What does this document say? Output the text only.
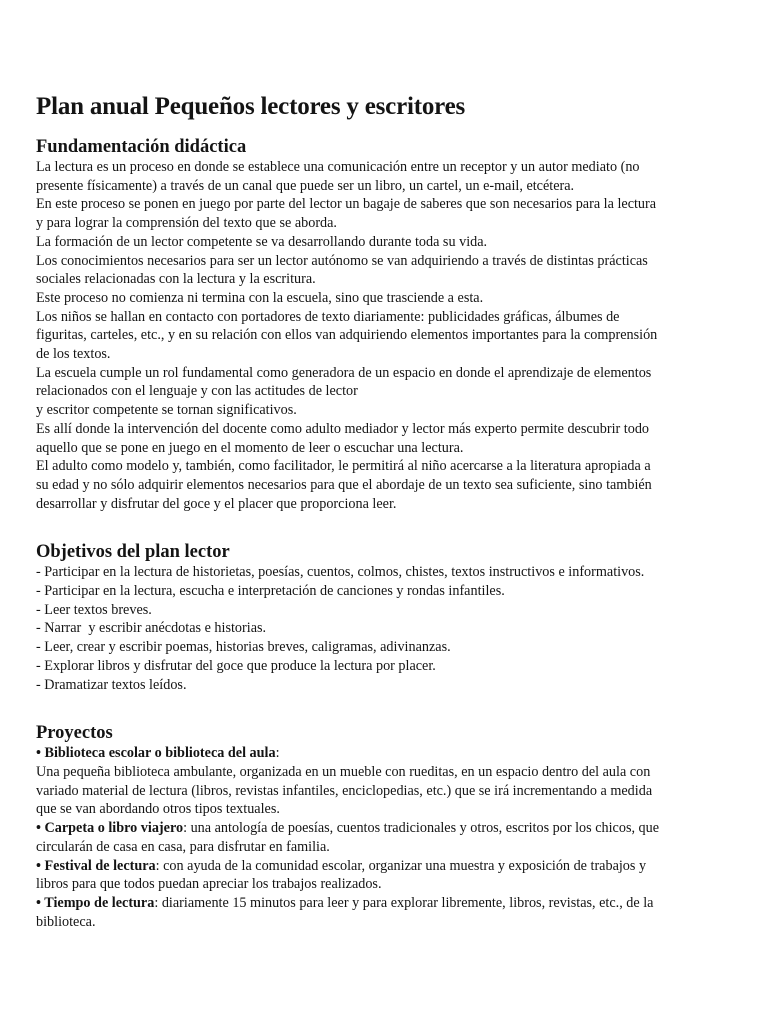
Plan anual Pequeños lectores y escritores
Fundamentación didáctica

La lectura es un proceso en donde se establece una comunicación entre un receptor y un autor mediato (no

presente físicamente) a través de un canal que puede ser un libro, un cartel, un e-mail, etcétera.

En este proceso se ponen en juego por parte del lector un bagaje de saberes que son necesarios para la lectura

y para lograr la comprensión del texto que se aborda.

La formación de un lector competente se va desarrollando durante toda su vida.

Los conocimientos necesarios para ser un lector autónomo se van adquiriendo a través de distintas prácticas

sociales relacionadas con la lectura y la escritura.

Este proceso no comienza ni termina con la escuela, sino que trasciende a esta.

Los niños se hallan en contacto con portadores de texto diariamente: publicidades gráficas, álbumes de

figuritas, carteles, etc., y en su relación con ellos van adquiriendo elementos importantes para la comprensión

de los textos.

La escuela cumple un rol fundamental como generadora de un espacio en donde el aprendizaje de elementos

relacionados con el lenguaje y con las actitudes de lector

y escritor competente se tornan significativos.

Es allí donde la intervención del docente como adulto mediador y lector más experto permite descubrir todo

aquello que se pone en juego en el momento de leer o escuchar una lectura.

El adulto como modelo y, también, como facilitador, le permitirá al niño acercarse a la literatura apropiada a

su edad y no sólo adquirir elementos necesarios para que el abordaje de un texto sea suficiente, sino también

desarrollar y disfrutar del goce y el placer que proporciona leer.

Objetivos del plan lector

- Participar en la lectura de historietas, poesías, cuentos, colmos, chistes, textos instructivos e informativos.

- Participar en la lectura, escucha e interpretación de canciones y rondas infantiles.

- Leer textos breves.

- Narrar  y escribir anécdotas e historias.

- Leer, crear y escribir poemas, historias breves, caligramas, adivinanzas.

- Explorar libros y disfrutar del goce que produce la lectura por placer.

- Dramatizar textos leídos.

Proyectos

• Biblioteca escolar o biblioteca del aula:

Una pequeña biblioteca ambulante, organizada en un mueble con rueditas, en un espacio dentro del aula con

variado material de lectura (libros, revistas infantiles, enciclopedias, etc.) que se irá incrementando a medida

que se van abordando otros tipos textuales.

• Carpeta o libro viajero: una antología de poesías, cuentos tradicionales y otros, escritos por los chicos, que

circularán de casa en casa, para disfrutar en familia.

• Festival de lectura: con ayuda de la comunidad escolar, organizar una muestra y exposición de trabajos y

libros para que todos puedan apreciar los trabajos realizados.

• Tiempo de lectura: diariamente 15 minutos para leer y para explorar libremente, libros, revistas, etc., de la

biblioteca.
